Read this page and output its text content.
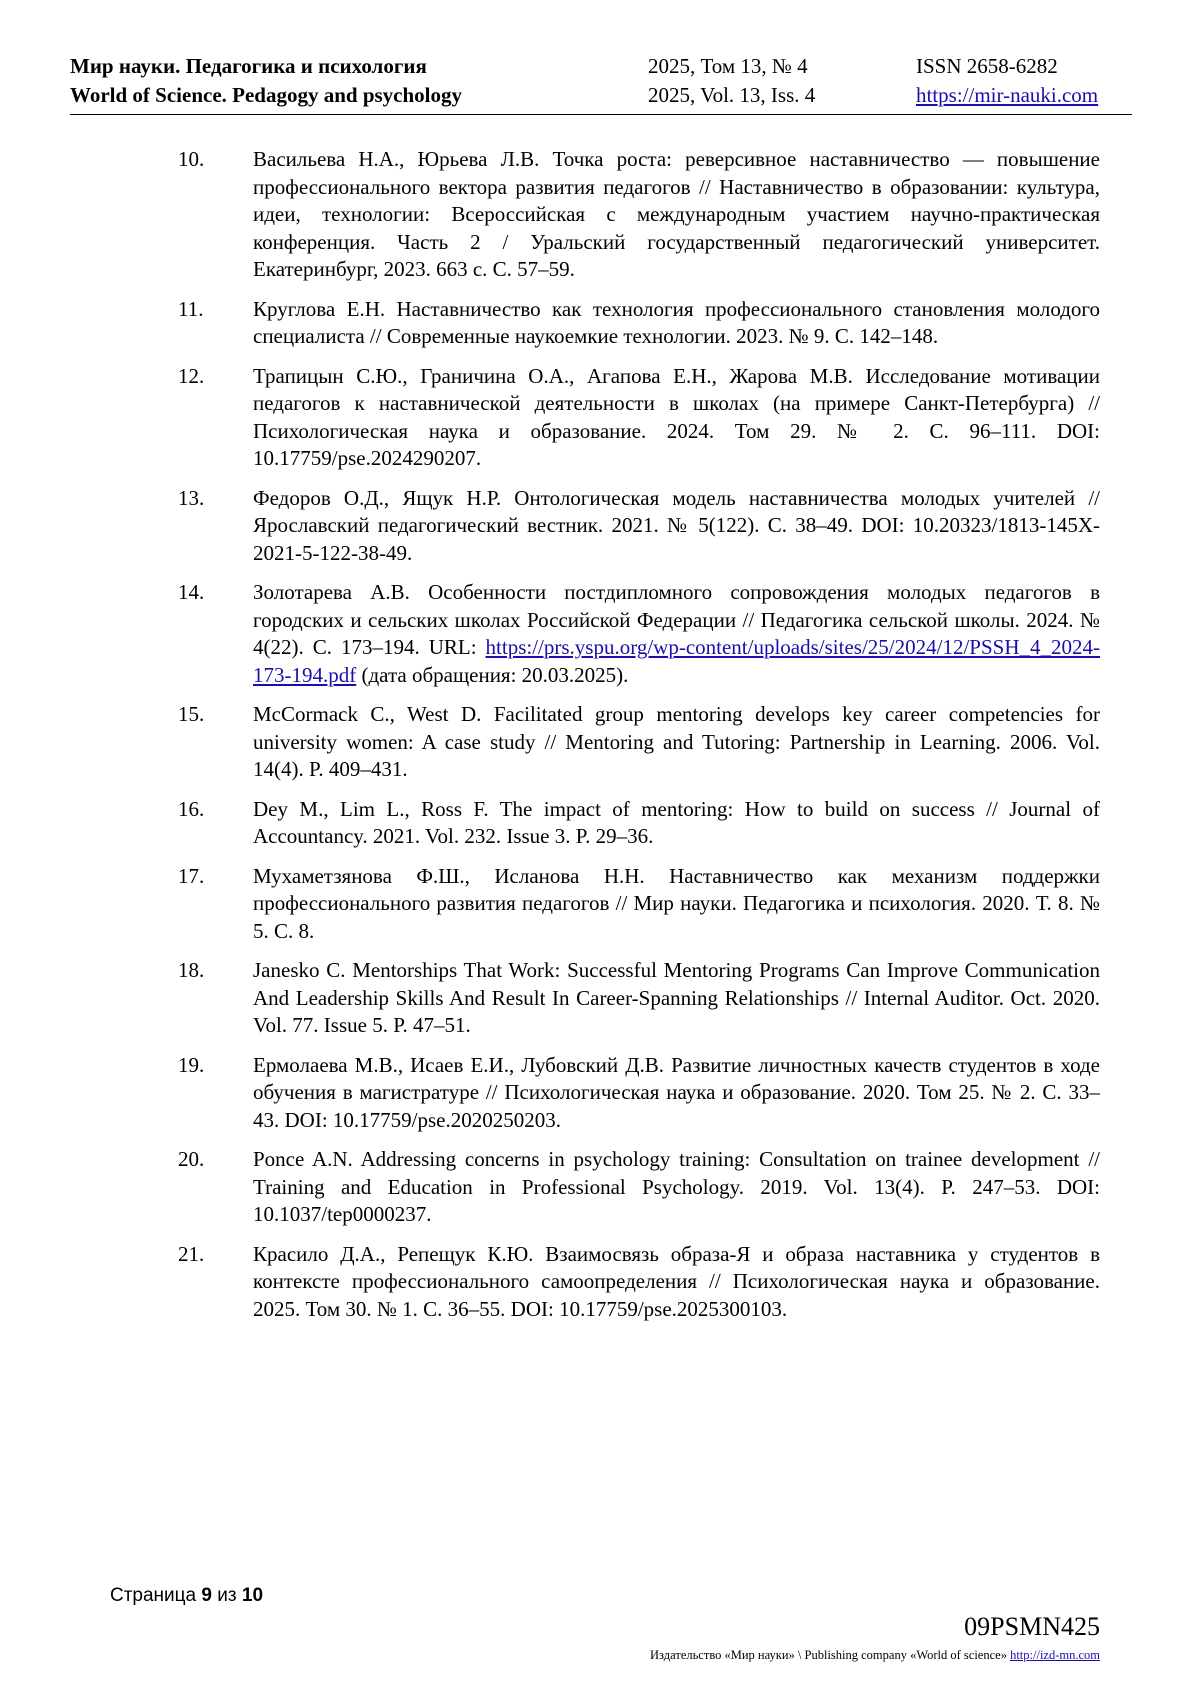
Мир науки. Педагогика и психология	2025, Том 13, № 4	ISSN 2658-6282
World of Science. Pedagogy and psychology	2025, Vol. 13, Iss. 4	https://mir-nauki.com
10.	Васильева Н.А., Юрьева Л.В. Точка роста: реверсивное наставничество — повышение профессионального вектора развития педагогов // Наставничество в образовании: культура, идеи, технологии: Всероссийская с международным участием научно-практическая конференция. Часть 2 / Уральский государственный педагогический университет. Екатеринбург, 2023. 663 с. С. 57–59.
11.	Круглова Е.Н. Наставничество как технология профессионального становления молодого специалиста // Современные наукоемкие технологии. 2023. № 9. С. 142–148.
12.	Трапицын С.Ю., Граничина О.А., Агапова Е.Н., Жарова М.В. Исследование мотивации педагогов к наставнической деятельности в школах (на примере Санкт-Петербурга) // Психологическая наука и образование. 2024. Том 29. № 2. С. 96–111. DOI: 10.17759/pse.2024290207.
13.	Федоров О.Д., Ящук Н.Р. Онтологическая модель наставничества молодых учителей // Ярославский педагогический вестник. 2021. № 5(122). С. 38–49. DOI: 10.20323/1813-145X-2021-5-122-38-49.
14.	Золотарева А.В. Особенности постдипломного сопровождения молодых педагогов в городских и сельских школах Российской Федерации // Педагогика сельской школы. 2024. № 4(22). С. 173–194. URL: https://prs.yspu.org/wp-content/uploads/sites/25/2024/12/PSSH_4_2024-173-194.pdf (дата обращения: 20.03.2025).
15.	McCormack C., West D. Facilitated group mentoring develops key career competencies for university women: A case study // Mentoring and Tutoring: Partnership in Learning. 2006. Vol. 14(4). P. 409–431.
16.	Dey M., Lim L., Ross F. The impact of mentoring: How to build on success // Journal of Accountancy. 2021. Vol. 232. Issue 3. P. 29–36.
17.	Мухаметзянова Ф.Ш., Исланова Н.Н. Наставничество как механизм поддержки профессионального развития педагогов // Мир науки. Педагогика и психология. 2020. Т. 8. № 5. С. 8.
18.	Janesko C. Mentorships That Work: Successful Mentoring Programs Can Improve Communication And Leadership Skills And Result In Career-Spanning Relationships // Internal Auditor. Oct. 2020. Vol. 77. Issue 5. P. 47–51.
19.	Ермолаева М.В., Исаев Е.И., Лубовский Д.В. Развитие личностных качеств студентов в ходе обучения в магистратуре // Психологическая наука и образование. 2020. Том 25. № 2. С. 33–43. DOI: 10.17759/pse.2020250203.
20.	Ponce A.N. Addressing concerns in psychology training: Consultation on trainee development // Training and Education in Professional Psychology. 2019. Vol. 13(4). P. 247–53. DOI: 10.1037/tep0000237.
21.	Красило Д.А., Репещук К.Ю. Взаимосвязь образа-Я и образа наставника у студентов в контексте профессионального самоопределения // Психологическая наука и образование. 2025. Том 30. № 1. С. 36–55. DOI: 10.17759/pse.2025300103.
Страница 9 из 10
09PSMN425
Издательство «Мир науки» \ Publishing company «World of science» http://izd-mn.com
